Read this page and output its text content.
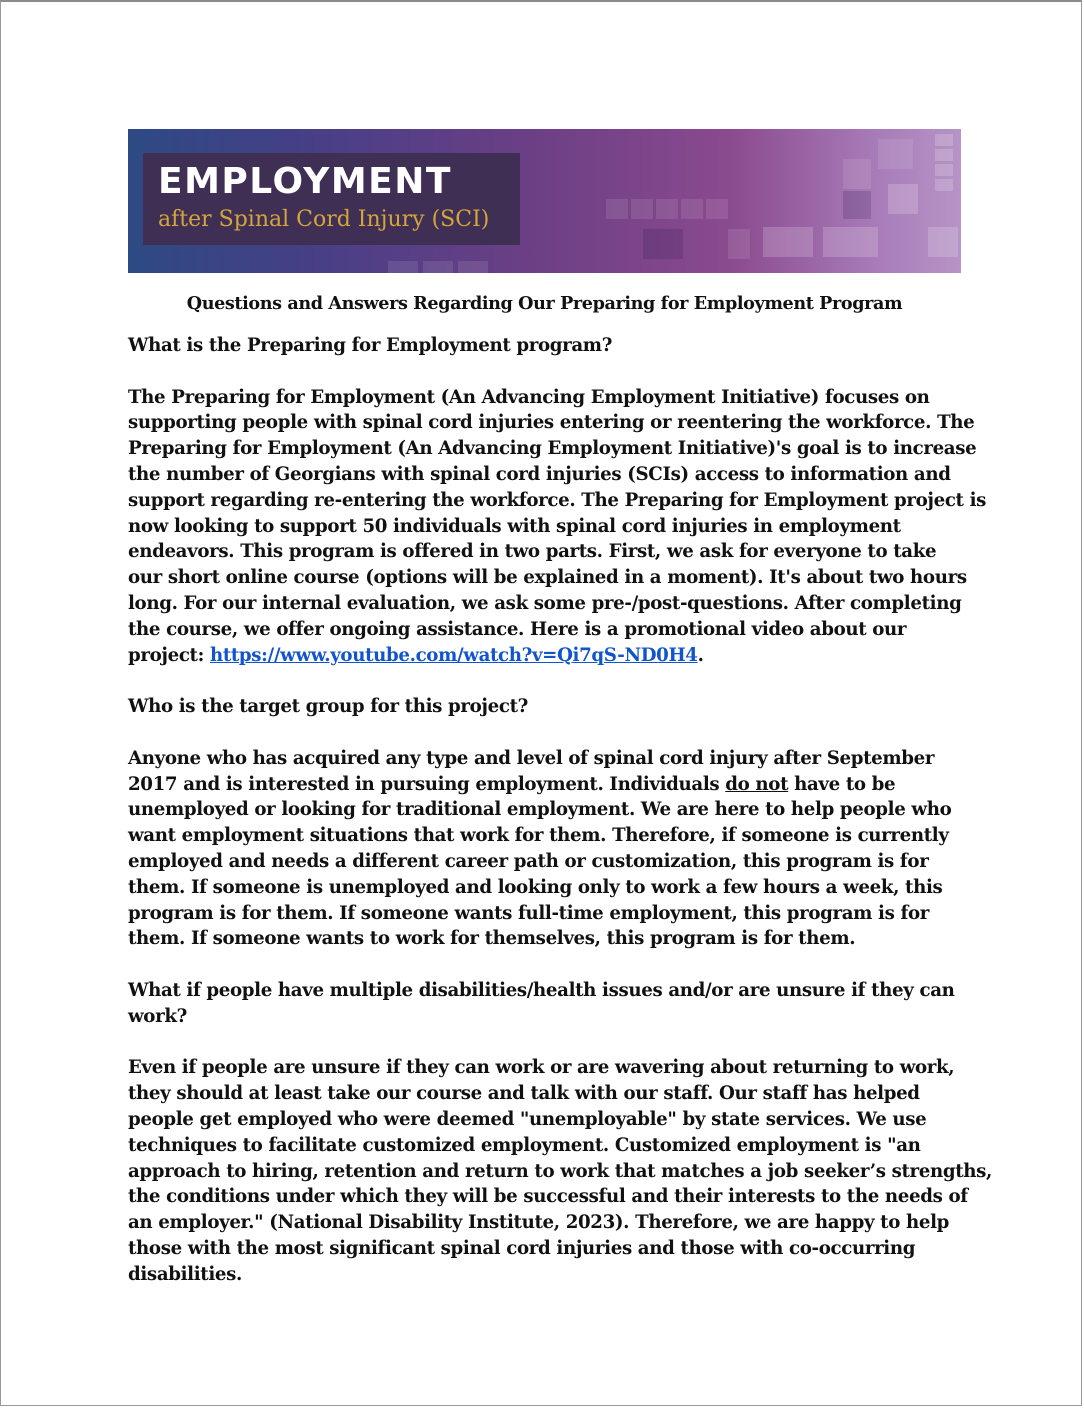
EMPLOYMENT
after Spinal Cord Injury (SCI)
Questions and Answers Regarding Our Preparing for Employment Program

What is the Preparing for Employment program?

The Preparing for Employment (An Advancing Employment Initiative) focuses on
supporting people with spinal cord injuries entering or reentering the workforce. The
Preparing for Employment (An Advancing Employment Initiative)'s goal is to increase
the number of Georgians with spinal cord injuries (SCIs) access to information and
support regarding re-entering the workforce. The Preparing for Employment project is
now looking to support 50 individuals with spinal cord injuries in employment
endeavors. This program is offered in two parts. First, we ask for everyone to take
our short online course (options will be explained in a moment). It's about two hours
long. For our internal evaluation, we ask some pre-/post-questions. After completing
the course, we offer ongoing assistance. Here is a promotional video about our
project: https://www.youtube.com/watch?v=Qi7qS-ND0H4.

Who is the target group for this project?

Anyone who has acquired any type and level of spinal cord injury after September
2017 and is interested in pursuing employment. Individuals do not have to be
unemployed or looking for traditional employment. We are here to help people who
want employment situations that work for them. Therefore, if someone is currently
employed and needs a different career path or customization, this program is for
them. If someone is unemployed and looking only to work a few hours a week, this
program is for them. If someone wants full-time employment, this program is for
them. If someone wants to work for themselves, this program is for them.

What if people have multiple disabilities/health issues and/or are unsure if they can
work?

Even if people are unsure if they can work or are wavering about returning to work,
they should at least take our course and talk with our staff. Our staff has helped
people get employed who were deemed "unemployable" by state services. We use
techniques to facilitate customized employment. Customized employment is "an
approach to hiring, retention and return to work that matches a job seeker’s strengths,
the conditions under which they will be successful and their interests to the needs of
an employer." (National Disability Institute, 2023). Therefore, we are happy to help
those with the most significant spinal cord injuries and those with co-occurring
disabilities.
